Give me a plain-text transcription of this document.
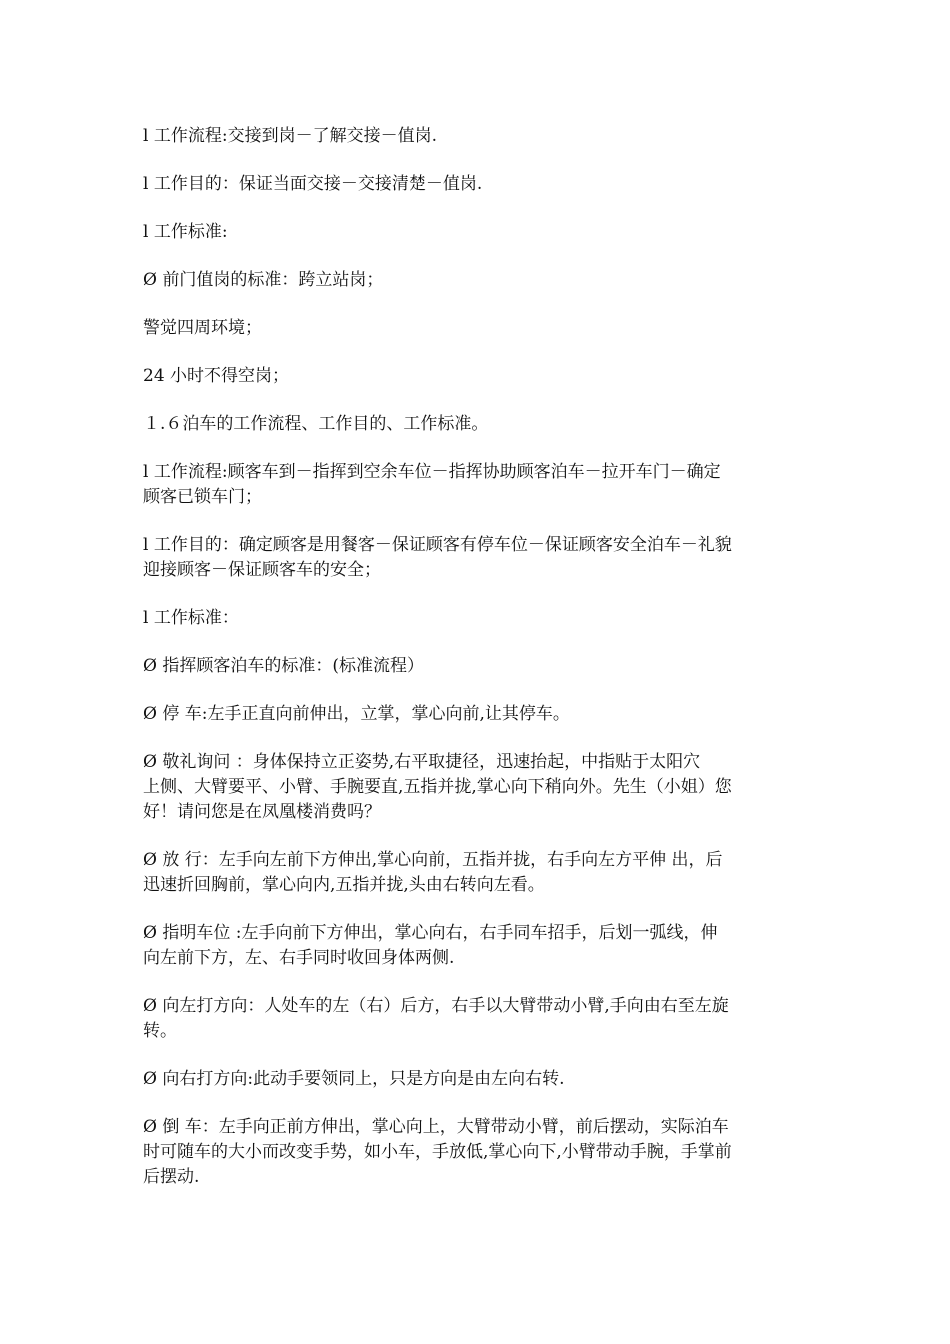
l 工作流程:交接到岗－了解交接－值岗.
l 工作目的：保证当面交接－交接清楚－值岗.
l 工作标准:
Ø 前门值岗的标准：跨立站岗；
警觉四周环境；
24 小时不得空岗；
１.６泊车的工作流程、工作目的、工作标准。
l 工作流程:顾客车到－指挥到空余车位－指挥协助顾客泊车－拉开车门－确定
顾客已锁车门；
l 工作目的：确定顾客是用餐客－保证顾客有停车位－保证顾客安全泊车－礼貌
迎接顾客－保证顾客车的安全；
l 工作标准：
Ø 指挥顾客泊车的标准：(标准流程）
Ø 停 车:左手正直向前伸出，立掌，掌心向前,让其停车。
Ø 敬礼询问 ：身体保持立正姿势,右平取捷径，迅速抬起，中指贴于太阳穴
上侧、大臂要平、小臂、手腕要直,五指并拢,掌心向下稍向外。先生（小姐）您
好！请问您是在凤凰楼消费吗？
Ø 放 行：左手向左前下方伸出,掌心向前，五指并拢，右手向左方平伸 出，后
迅速折回胸前，掌心向内,五指并拢,头由右转向左看。
Ø 指明车位 :左手向前下方伸出，掌心向右，右手同车招手，后划一弧线，伸
向左前下方，左、右手同时收回身体两侧.
Ø 向左打方向：人处车的左（右）后方，右手以大臂带动小臂,手向由右至左旋
转。
Ø 向右打方向:此动手要领同上，只是方向是由左向右转.
Ø 倒 车：左手向正前方伸出，掌心向上，大臂带动小臂，前后摆动，实际泊车
时可随车的大小而改变手势，如小车，手放低,掌心向下,小臂带动手腕，手掌前
后摆动.
